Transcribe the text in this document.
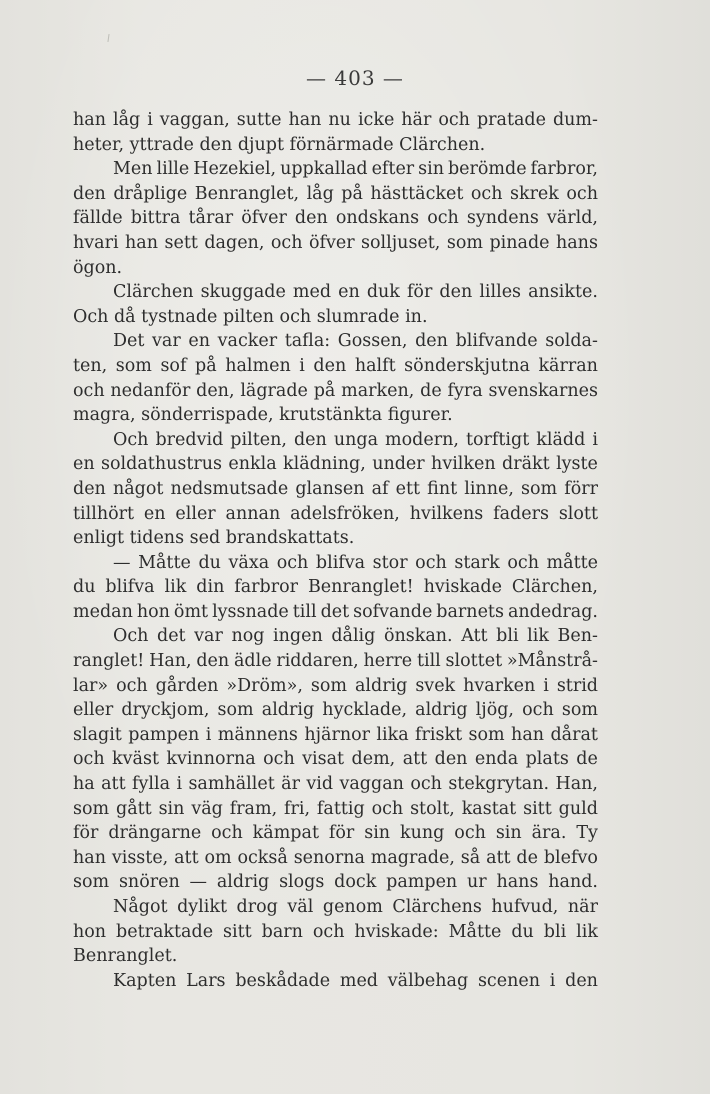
— 403 —
han låg i vaggan, sutte han nu icke här och pratade dum-
heter, yttrade den djupt förnärmade Clärchen.
Men lille Hezekiel, uppkallad efter sin berömde farbror,
den dråplige Benranglet, låg på hästtäcket och skrek och
fällde bittra tårar öfver den ondskans och syndens värld,
hvari han sett dagen, och öfver solljuset, som pinade hans
ögon.
Clärchen skuggade med en duk för den lilles ansikte.
Och då tystnade pilten och slumrade in.
Det var en vacker tafla: Gossen, den blifvande solda-
ten, som sof på halmen i den halft sönderskjutna kärran
och nedanför den, lägrade på marken, de fyra svenskarnes
magra, sönderrispade, krutstänkta figurer.
Och bredvid pilten, den unga modern, torftigt klädd i
en soldathustrus enkla klädning, under hvilken dräkt lyste
den något nedsmutsade glansen af ett fint linne, som förr
tillhört en eller annan adelsfröken, hvilkens faders slott
enligt tidens sed brandskattats.
— Måtte du växa och blifva stor och stark och måtte
du blifva lik din farbror Benranglet! hviskade Clärchen,
medan hon ömt lyssnade till det sofvande barnets andedrag.
Och det var nog ingen dålig önskan. Att bli lik Ben-
ranglet! Han, den ädle riddaren, herre till slottet »Månstrå-
lar» och gården »Dröm», som aldrig svek hvarken i strid
eller dryckjom, som aldrig hycklade, aldrig ljög, och som
slagit pampen i männens hjärnor lika friskt som han dårat
och kväst kvinnorna och visat dem, att den enda plats de
ha att fylla i samhället är vid vaggan och stekgrytan. Han,
som gått sin väg fram, fri, fattig och stolt, kastat sitt guld
för drängarne och kämpat för sin kung och sin ära. Ty
han visste, att om också senorna magrade, så att de blefvo
som snören — aldrig slogs dock pampen ur hans hand.
Något dylikt drog väl genom Clärchens hufvud, när
hon betraktade sitt barn och hviskade: Måtte du bli lik
Benranglet.
Kapten Lars beskådade med välbehag scenen i den
